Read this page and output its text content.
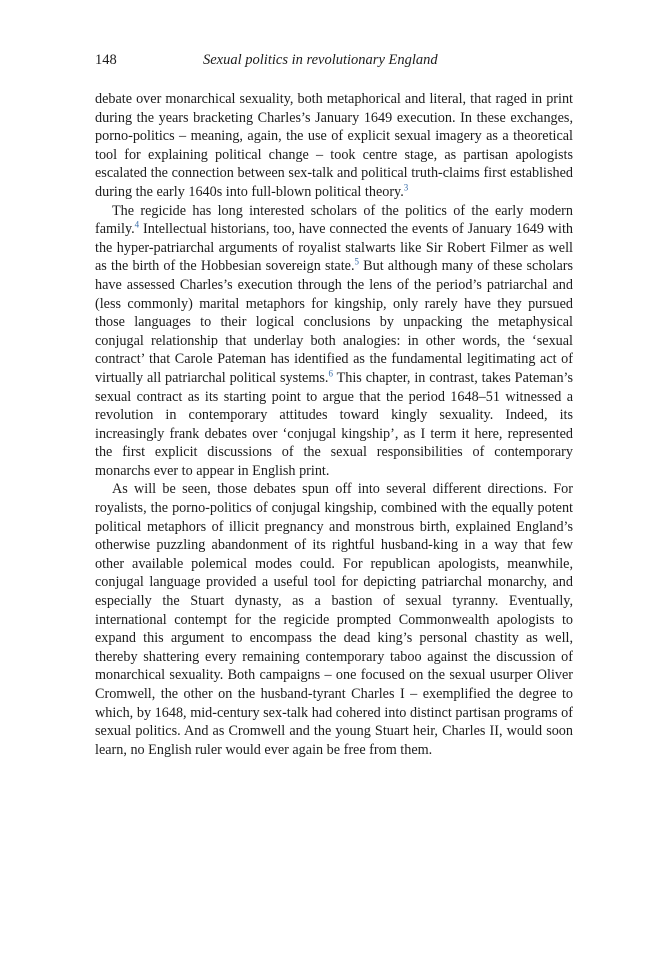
148	Sexual politics in revolutionary England

debate over monarchical sexuality, both metaphorical and literal, that raged in print during the years bracketing Charles’s January 1649 execution. In these exchanges, porno-politics – meaning, again, the use of explicit sexual imagery as a theoretical tool for explaining political change – took centre stage, as partisan apologists escalated the connection between sex-talk and political truth-claims first established during the early 1640s into full-blown political theory.$^3$

The regicide has long interested scholars of the politics of the early modern family.$^4$ Intellectual historians, too, have connected the events of January 1649 with the hyper-patriarchal arguments of royalist stalwarts like Sir Robert Filmer as well as the birth of the Hobbesian sovereign state.$^5$ But although many of these scholars have assessed Charles’s execution through the lens of the period’s patriarchal and (less commonly) marital metaphors for kingship, only rarely have they pursued those languages to their logical conclusions by unpacking the metaphysical conjugal relationship that underlay both analogies: in other words, the ‘sexual contract’ that Carole Pateman has identified as the fundamental legitimating act of virtually all patriarchal political systems.$^6$ This chapter, in contrast, takes Pateman’s sexual contract as its starting point to argue that the period 1648–51 witnessed a revolution in contemporary attitudes toward kingly sexuality. Indeed, its increasingly frank debates over ‘conjugal kingship’, as I term it here, represented the first explicit discussions of the sexual responsibilities of contemporary monarchs ever to appear in English print.

As will be seen, those debates spun off into several different directions. For royalists, the porno-politics of conjugal kingship, combined with the equally potent political metaphors of illicit pregnancy and monstrous birth, explained England’s otherwise puzzling abandonment of its rightful husband-king in a way that few other available polemical modes could. For republican apologists, meanwhile, conjugal language provided a useful tool for depicting patriarchal monarchy, and especially the Stuart dynasty, as a bastion of sexual tyranny. Eventually, international contempt for the regicide prompted Commonwealth apologists to expand this argument to encompass the dead king’s personal chastity as well, thereby shattering every remaining contemporary taboo against the discussion of monarchical sexuality. Both campaigns – one focused on the sexual usurper Oliver Cromwell, the other on the husband-tyrant Charles I – exemplified the degree to which, by 1648, mid-century sex-talk had cohered into distinct partisan programs of sexual politics. And as Cromwell and the young Stuart heir, Charles II, would soon learn, no English ruler would ever again be free from them.
